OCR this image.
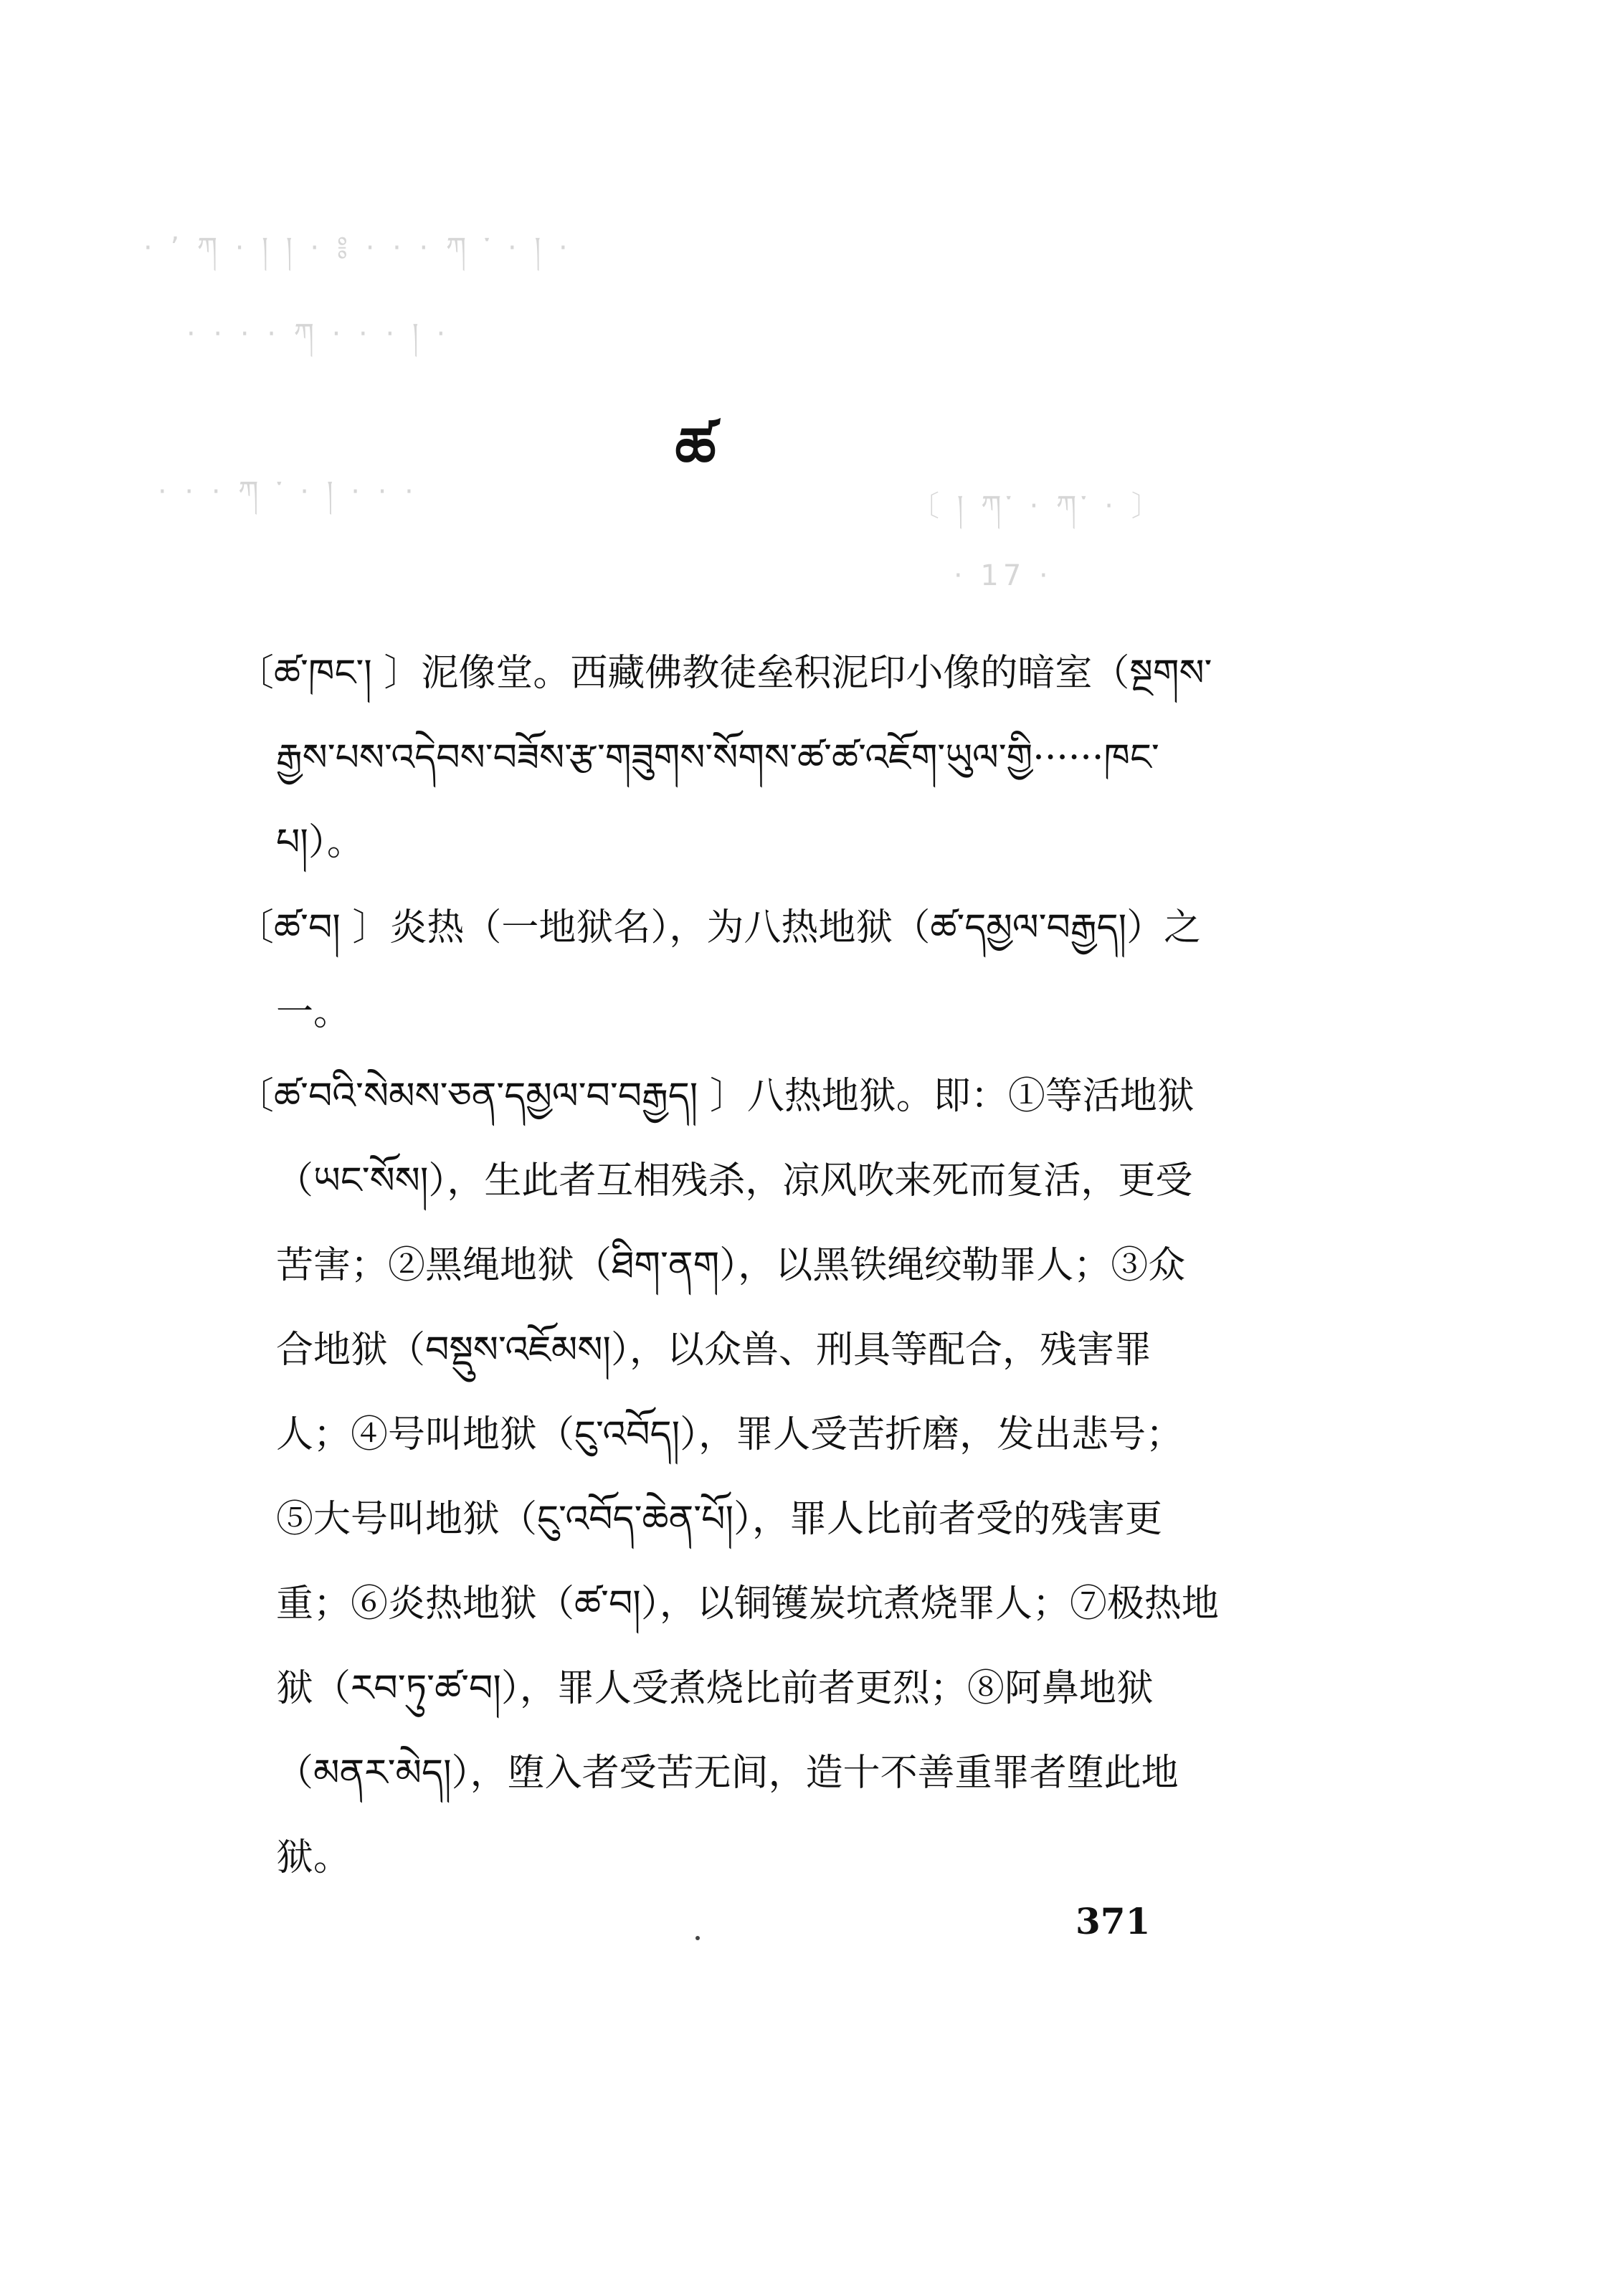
· ʼ ཀ · ། ། · ༔ · · · ཀ ་ · ། ·
· · · · ཀ · · · ། ·
· · · ཀ ་ · ། · · ·	〔 ། ཀ་ · ཀ་ · 〕
· 17 ·
ཚ

〔ཚ་ཁང་། 〕泥像堂。西藏佛教徒垒积泥印小像的暗室（སྔགས་རྒྱས་པས་འདེབས་བཟོས་རྩ་གཟུགས་སོགས་ཚ་ཚ་འཇོག་ཡུལ་གྱི······ཁང་པ།）。

〔ཚ་བ། 〕炎热（一地狱名），为八热地狱（ཚ་དམྱལ་བརྒྱད།）之一。

〔ཚ་བའི་སེམས་ཅན་དམྱལ་བ་བརྒྱད། 〕八热地狱。即：①等活地狱（ཡང་སོས།），生此者互相残杀，凉风吹来死而复活，更受苦害；②黑绳地狱（ཐིག་ནག），以黑铁绳绞勒罪人；③众合地狱（བསྡུས་འཇོམས།），以众兽、刑具等配合，残害罪人；④号叫地狱（ངུ་འབོད།），罪人受苦折磨，发出悲号；⑤大号叫地狱（ངུ་འབོད་ཆེན་པོ།），罪人比前者受的残害更重；⑥炎热地狱（ཚ་བ།），以铜镬炭坑煮烧罪人；⑦极热地狱（རབ་ཏུ་ཚ་བ།），罪人受煮烧比前者更烈；⑧阿鼻地狱（མནར་མེད།），堕入者受苦无间，造十不善重罪者堕此地狱。

371
